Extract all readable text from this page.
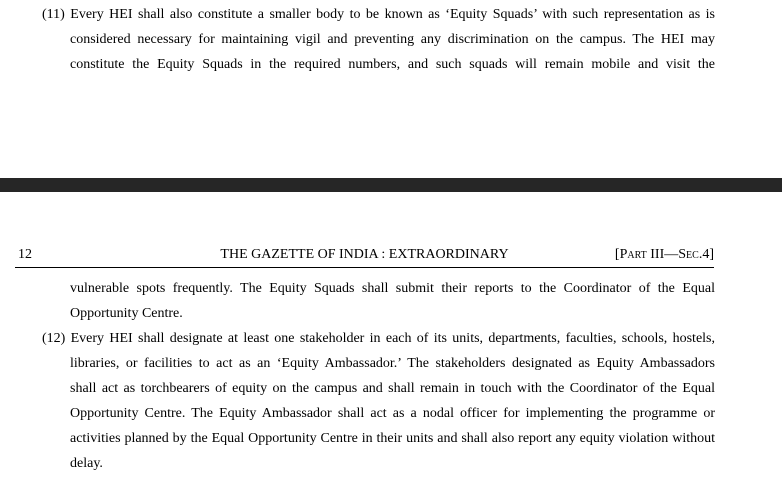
(11) Every HEI shall also constitute a smaller body to be known as ‘Equity Squads’ with such representation as is
considered necessary for maintaining vigil and preventing any discrimination on the campus. The HEI may
constitute the Equity Squads in the required numbers, and such squads will remain mobile and visit the
12	THE GAZETTE OF INDIA : EXTRAORDINARY	[Part III—Sec.4]
vulnerable spots frequently. The Equity Squads shall submit their reports to the Coordinator of the Equal
Opportunity Centre.
(12) Every HEI shall designate at least one stakeholder in each of its units, departments, faculties, schools, hostels,
libraries, or facilities to act as an ‘Equity Ambassador.’ The stakeholders designated as Equity Ambassadors
shall act as torchbearers of equity on the campus and shall remain in touch with the Coordinator of the Equal
Opportunity Centre. The Equity Ambassador shall act as a nodal officer for implementing the programme or
activities planned by the Equal Opportunity Centre in their units and shall also report any equity violation without
delay.
